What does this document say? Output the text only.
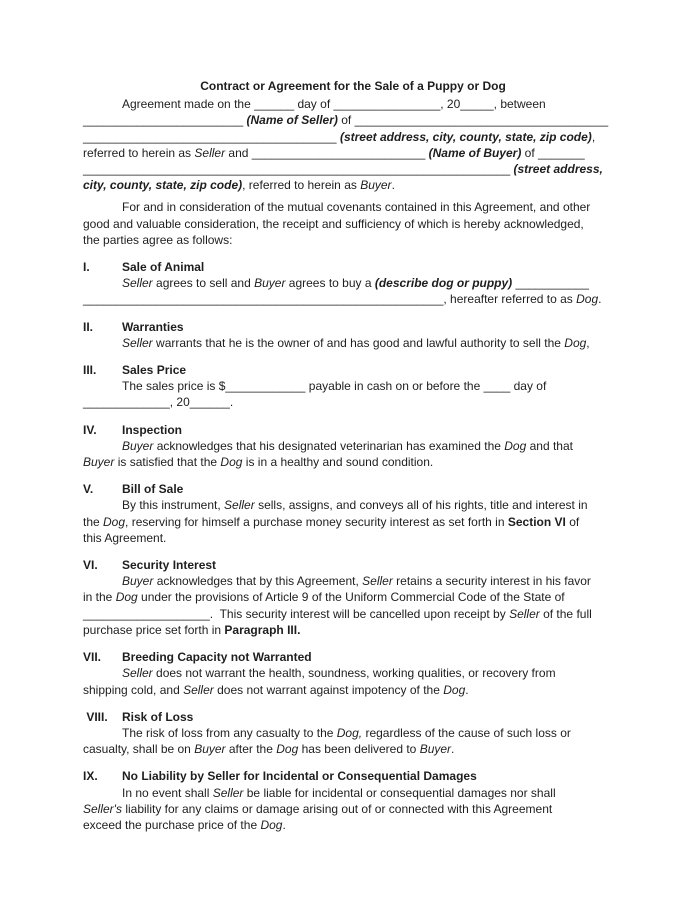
Contract or Agreement for the Sale of a Puppy or Dog
Agreement made on the ______ day of ________________, 20_____, between
________________________ (Name of Seller) of ______________________________________
______________________________________ (street address, city, county, state, zip code),
referred to herein as Seller and __________________________ (Name of Buyer) of _______
________________________________________________________________ (street address,
city, county, state, zip code), referred to herein as Buyer.
For and in consideration of the mutual covenants contained in this Agreement, and other
good and valuable consideration, the receipt and sufficiency of which is hereby acknowledged,
the parties agree as follows:
I.	Sale of Animal
Seller agrees to sell and Buyer agrees to buy a (describe dog or puppy) ___________
______________________________________________________, hereafter referred to as Dog.
II. Warranties
Seller warrants that he is the owner of and has good and lawful authority to sell the Dog,
III. Sales Price
The sales price is $____________ payable in cash on or before the ____ day of
_____________, 20______.
IV. Inspection
Buyer acknowledges that his designated veterinarian has examined the Dog and that
Buyer is satisfied that the Dog is in a healthy and sound condition.
V. Bill of Sale
By this instrument, Seller sells, assigns, and conveys all of his rights, title and interest in
the Dog, reserving for himself a purchase money security interest as set forth in Section VI of
this Agreement.
VI. Security Interest
Buyer acknowledges that by this Agreement, Seller retains a security interest in his favor
in the Dog under the provisions of Article 9 of the Uniform Commercial Code of the State of
___________________.  This security interest will be cancelled upon receipt by Seller of the full
purchase price set forth in Paragraph III.
VII. Breeding Capacity not Warranted
Seller does not warrant the health, soundness, working qualities, or recovery from
shipping cold, and Seller does not warrant against impotency of the Dog.
VIII. Risk of Loss
The risk of loss from any casualty to the Dog, regardless of the cause of such loss or
casualty, shall be on Buyer after the Dog has been delivered to Buyer.
IX. No Liability by Seller for Incidental or Consequential Damages
In no event shall Seller be liable for incidental or consequential damages nor shall
Seller's liability for any claims or damage arising out of or connected with this Agreement
exceed the purchase price of the Dog.
